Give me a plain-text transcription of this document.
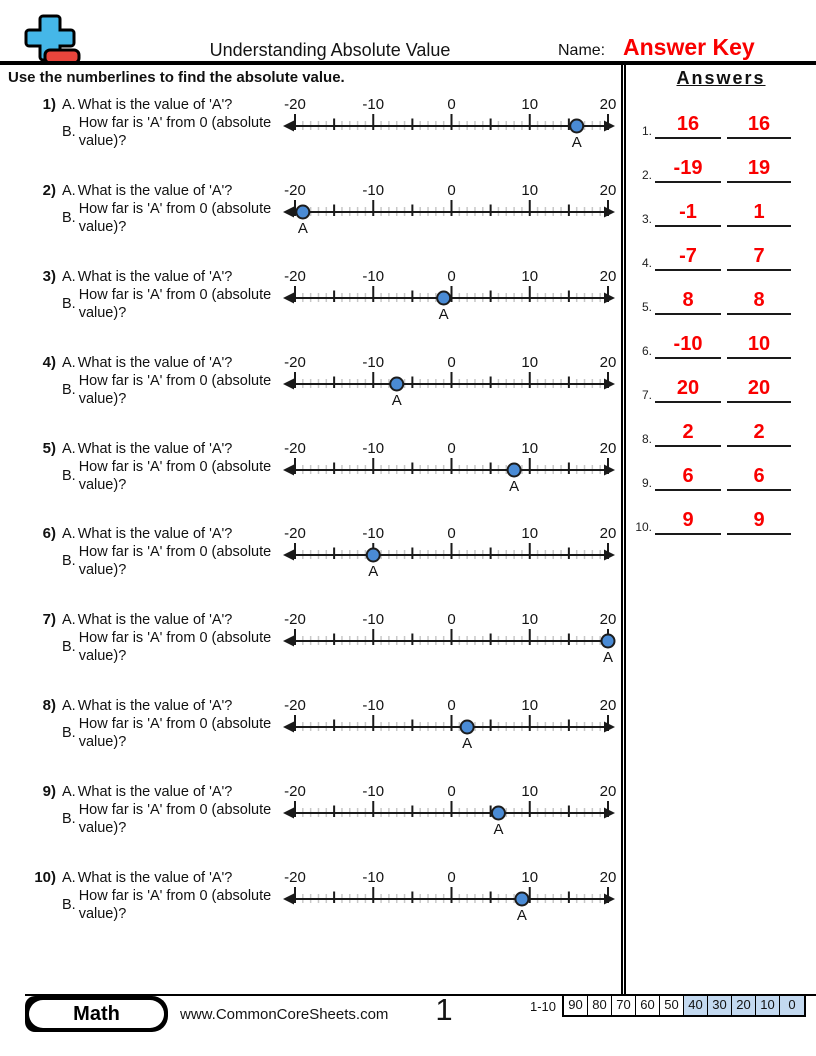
Understanding Absolute Value	Name: Answer Key
Use the numberlines to find the absolute value.	Answers
1.	16	16
2.	-19	19
3.	-1	1
4.	-7	7
5.	8	8
6.	-10	10
7.	20	20
8.	2	2
9.	6	6
10.	9	9
1) A. What is the value of 'A'?
B.
How far is 'A' from 0 (absolute value)?
-20	-10	0	10	20
A
2) A. What is the value of 'A'?
B.
How far is 'A' from 0 (absolute value)?
-20	-10	0	10	20
A
3) A. What is the value of 'A'?
B.
How far is 'A' from 0 (absolute value)?
-20	-10	0	10	20
A
4) A. What is the value of 'A'?
B.
How far is 'A' from 0 (absolute value)?
-20	-10	0	10	20
A
5) A. What is the value of 'A'?
B.
How far is 'A' from 0 (absolute value)?
-20	-10	0	10	20
A
6) A. What is the value of 'A'?
B.
How far is 'A' from 0 (absolute value)?
-20	-10	0	10	20
A
7) A. What is the value of 'A'?
B.
How far is 'A' from 0 (absolute value)?
-20	-10	0	10	20
A
8) A. What is the value of 'A'?
B.
How far is 'A' from 0 (absolute value)?
-20	-10	0	10	20
A
9) A. What is the value of 'A'?
B.
How far is 'A' from 0 (absolute value)?
-20	-10	0	10	20
A
10) A. What is the value of 'A'?
B.
How far is 'A' from 0 (absolute value)?
-20	-10	0	10	20
A
Math	www.CommonCoreSheets.com	1	1-10 90 80 70 60 50 40 30 20 10	0
